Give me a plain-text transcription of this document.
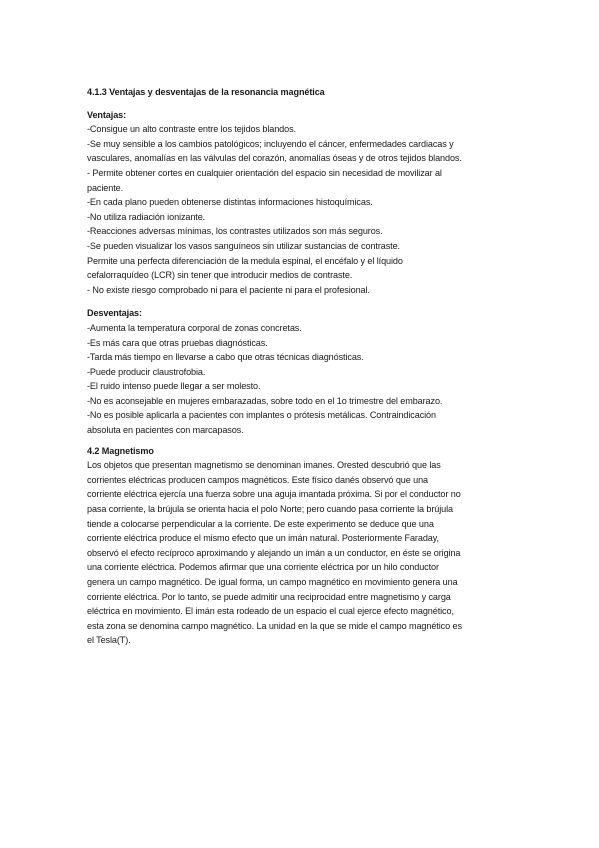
4.1.3 Ventajas y desventajas de la resonancia magnética

Ventajas:

-Consigue un alto contraste entre los tejidos blandos.

-Se muy sensible a los cambios patológicos; incluyendo el cáncer, enfermedades cardiacas y

vasculares, anomalías en las válvulas del corazón, anomalías óseas y de otros tejidos blandos.

- Permite obtener cortes en cualquier orientación del espacio sin necesidad de movilizar al

paciente.

-En cada plano pueden obtenerse distintas informaciones histoquímicas.

-No utiliza radiación ionizante.

-Reacciones adversas mínimas, los contrastes utilizados son más seguros.

-Se pueden visualizar los vasos sanguíneos sin utilizar sustancias de contraste.

Permite una perfecta diferenciación de la medula espinal, el encéfalo y el líquido

cefalorraquídeo (LCR) sin tener que introducir medios de contraste.

- No existe riesgo comprobado ni para el paciente ni para el profesional.

Desventajas:

-Aumenta la temperatura corporal de zonas concretas.

-Es más cara que otras pruebas diagnósticas.

-Tarda más tiempo en llevarse a cabo que otras técnicas diagnósticas.

-Puede producir claustrofobia.

-El ruido intenso puede llegar a ser molesto.

-No es aconsejable en mujeres embarazadas, sobre todo en el 1o trimestre del embarazo.

-No es posible aplicarla a pacientes con implantes o prótesis metálicas. Contraindicación

absoluta en pacientes con marcapasos.

4.2 Magnetismo

Los objetos que presentan magnetismo se denominan imanes. Orested descubrió que las

corrientes eléctricas producen campos magnéticos. Este físico danés observó que una

corriente eléctrica ejercía una fuerza sobre una aguja imantada próxima. Si por el conductor no

pasa corriente, la brújula se orienta hacia el polo Norte; pero cuando pasa corriente la brújula

tiende a colocarse perpendicular a la corriente. De este experimento se deduce que una

corriente eléctrica produce el mismo efecto que un imán natural. Posteriormente Faraday,

observó el efecto recíproco aproximando y alejando un imán a un conductor, en éste se origina

una corriente eléctrica. Podemos afirmar que una corriente eléctrica por un hilo conductor

genera un campo magnético. De igual forma, un campo magnético en movimiento genera una

corriente eléctrica. Por lo tanto, se puede admitir una reciprocidad entre magnetismo y carga

eléctrica en movimiento. El imán esta rodeado de un espacio el cual ejerce efecto magnético,

esta zona se denomina campo magnético. La unidad en la que se mide el campo magnético es

el Tesla(T).
